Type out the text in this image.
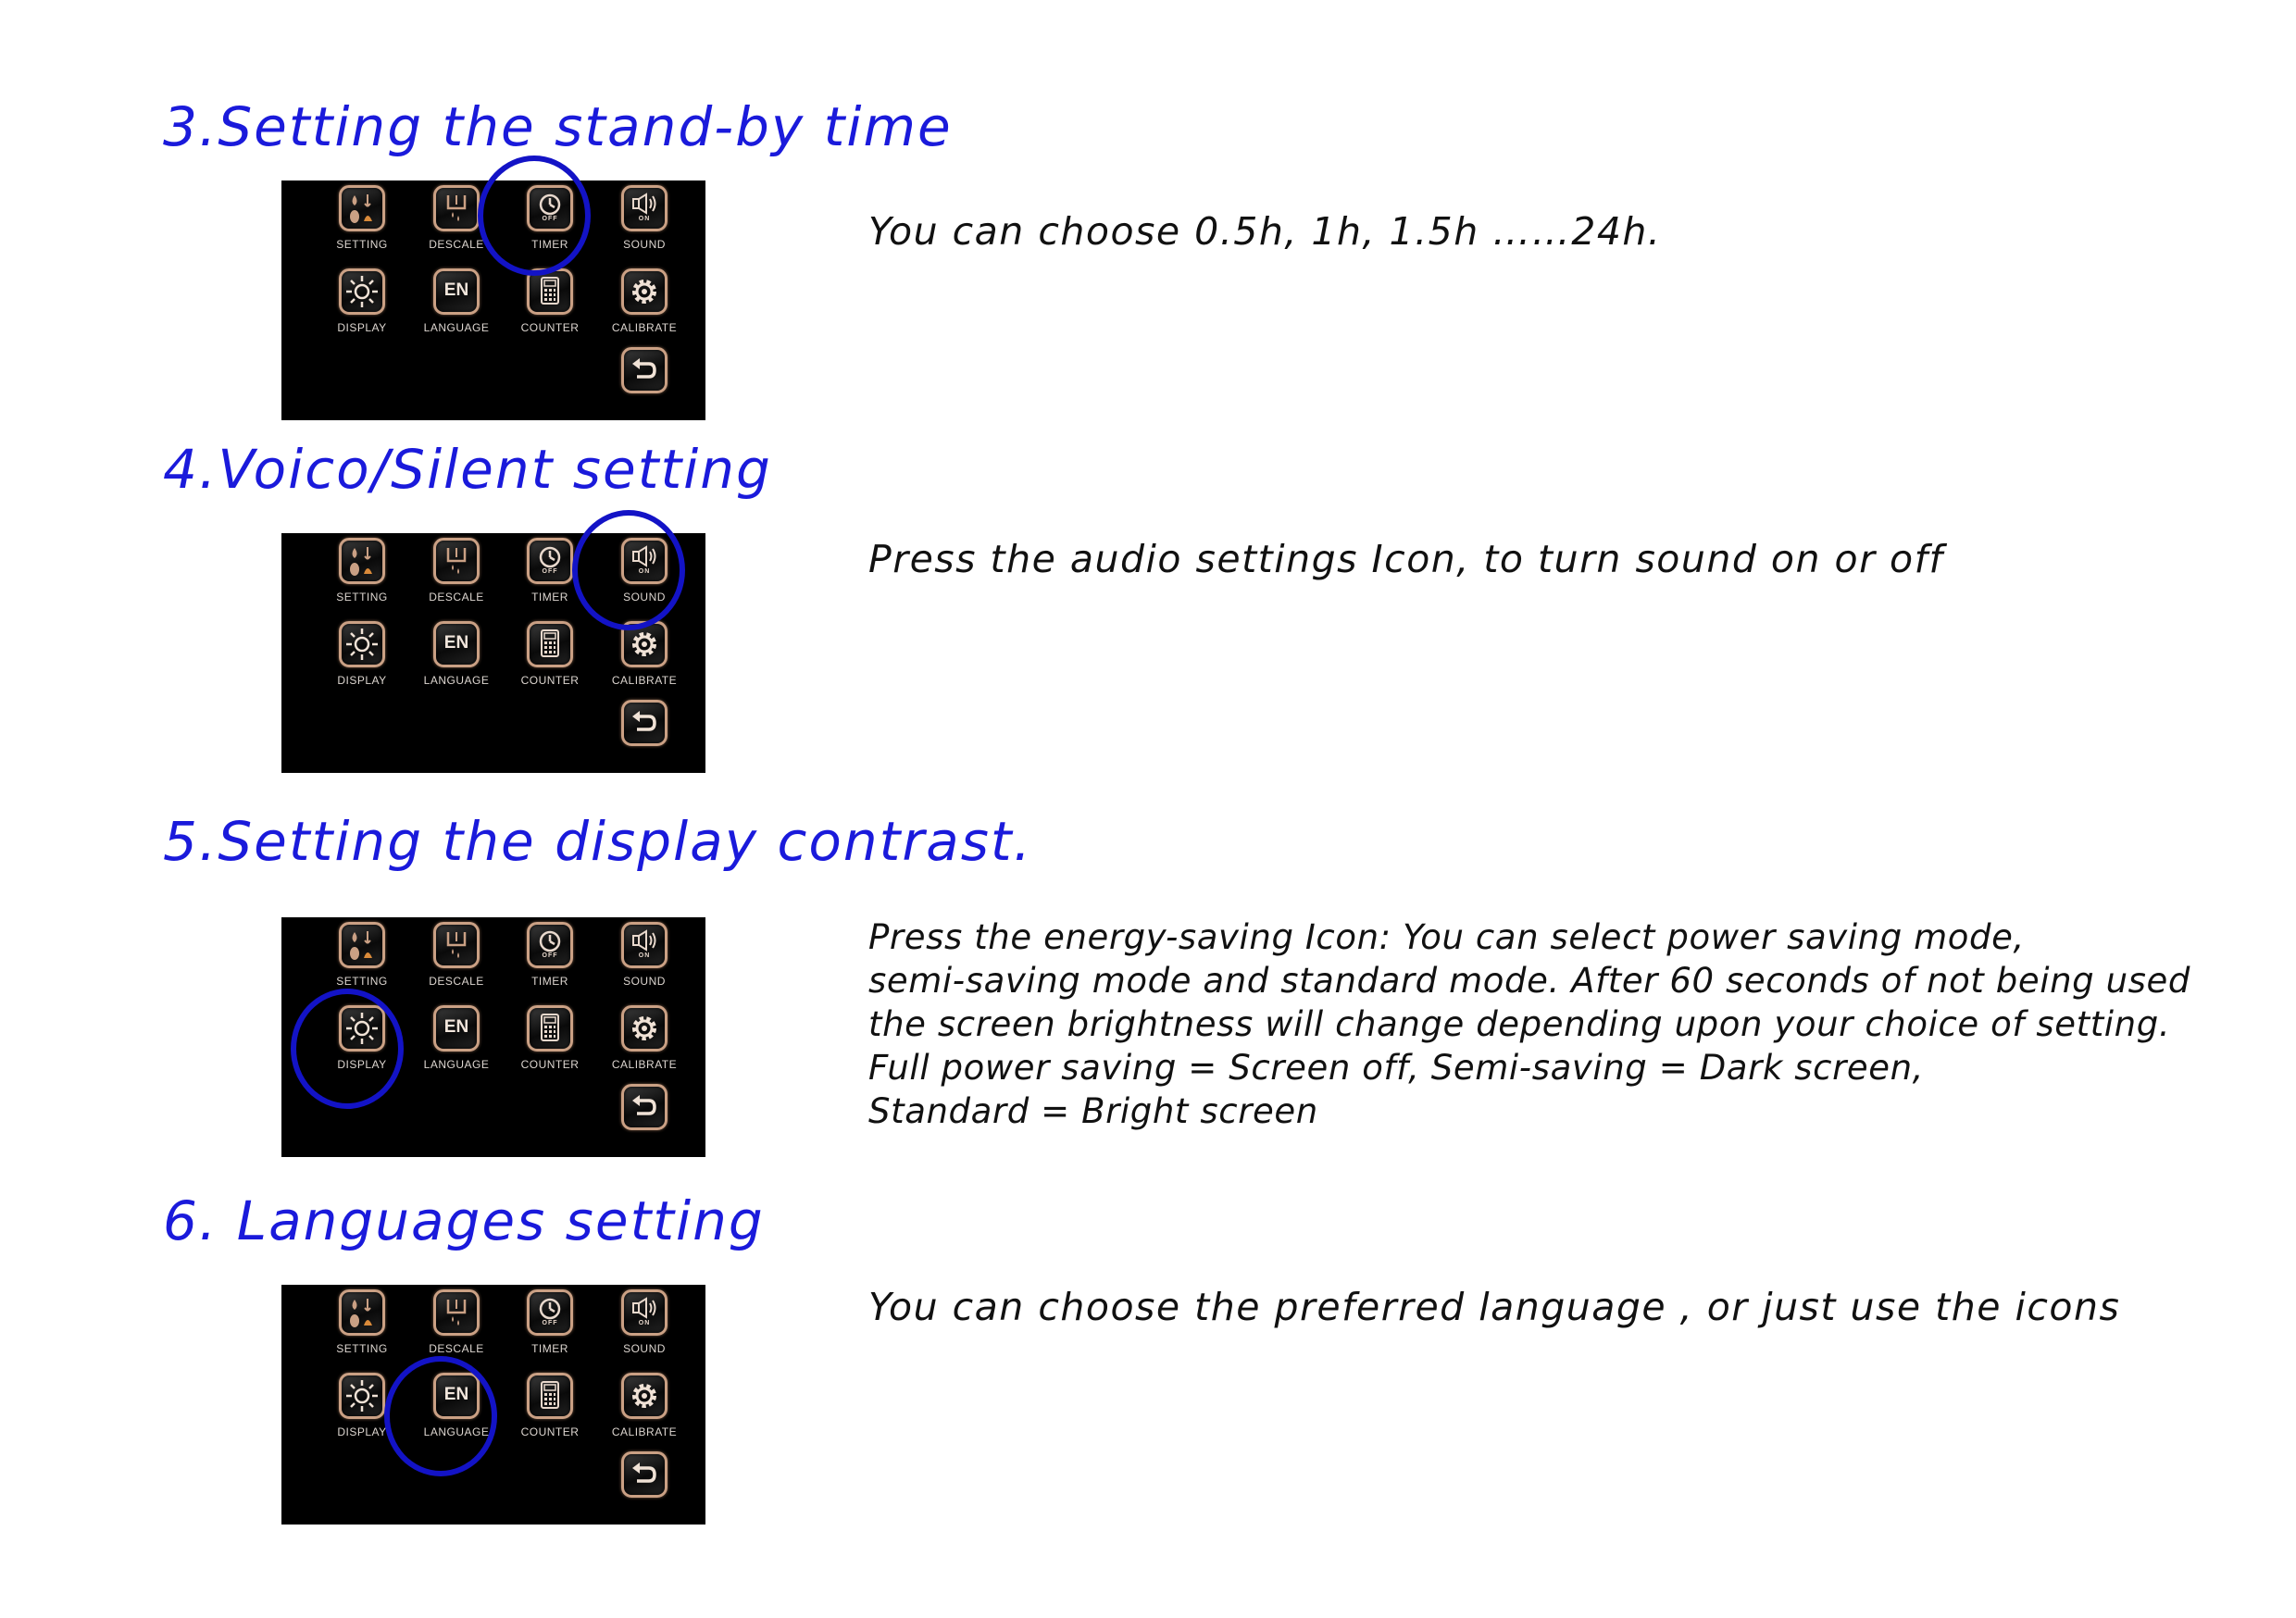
3.Setting the stand-by time
SETTING	DESCALE
OFF
TIMER
ON
SOUND
DISPLAY
EN
LANGUAGE	COUNTER	CALIBRATE

You can choose 0.5h, 1h, 1.5h ……24h.

4.Voico/Silent setting
SETTING	DESCALE
OFF
TIMER
ON
SOUND
DISPLAY
EN
LANGUAGE	COUNTER	CALIBRATE

Press the audio settings Icon, to turn sound on or off

5.Setting the display contrast.
SETTING	DESCALE
OFF
TIMER
ON
SOUND
DISPLAY
EN
LANGUAGE	COUNTER	CALIBRATE

Press the energy-saving Icon: You can select power saving mode,
semi-saving mode and standard mode. After 60 seconds of not being used
the screen brightness will change depending upon your choice of setting.
Full power saving = Screen off, Semi-saving = Dark screen,
Standard = Bright screen

6. Languages setting
SETTING	DESCALE
OFF
TIMER
ON
SOUND
DISPLAY
EN
LANGUAGE	COUNTER	CALIBRATE

You can choose the preferred language , or just use the icons
